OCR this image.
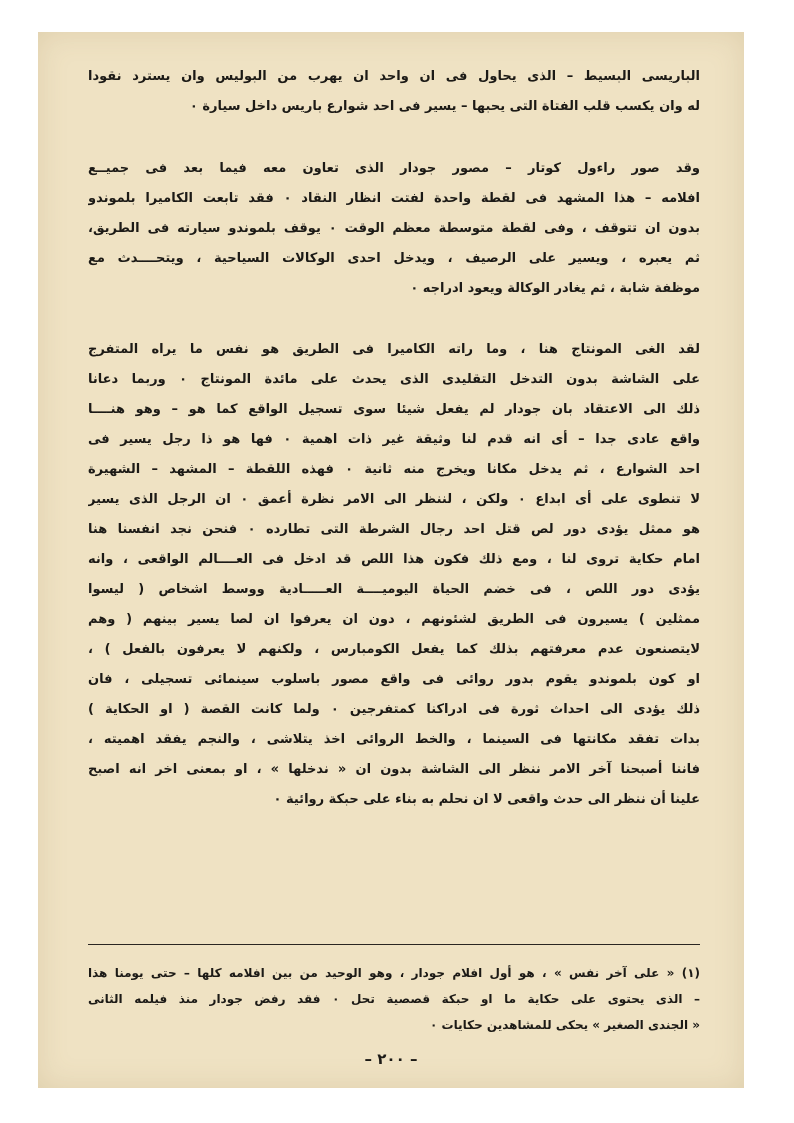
الباريسى البسيط – الذى يحاول فى ان واحد ان يهرب من البوليس وان يسترد نقودا
له وان يكسب قلب الفتاة التى يحبها – يسير فى احد شوارع باريس داخل سيارة ٠

وقد صور راءول كوتار – مصور جودار الذى تعاون معه فيما بعد فى جميــع
افلامه – هذا المشهد فى لقطة واحدة لفتت انظار النقاد ٠ فقد تابعت الكاميرا بلموندو
بدون ان تتوقف ، وفى لقطة متوسطة معظم الوقت ٠ يوقف بلموندو سيارته فى الطريق،
ثم يعبره ، ويسير على الرصيف ، ويدخل احدى الوكالات السياحية ، ويتحــــدث مع
موظفة شابة ، ثم يغادر الوكالة ويعود ادراجه ٠

لقد الغى المونتاج هنا ، وما راته الكاميرا فى الطريق هو نفس ما يراه المتفرج
على الشاشة بدون التدخل التقليدى الذى يحدث على مائدة المونتاج ٠ وربما دعانا
ذلك الى الاعتقاد بان جودار لم يفعل شيئا سوى تسجيل الواقع كما هو – وهو هنــــا
واقع عادى جدا – أى انه قدم لنا وثيقة غير ذات اهمية ٠ فها هو ذا رجل يسير فى
احد الشوارع ، ثم يدخل مكانا ويخرج منه ثانية ٠ فهذه اللقطة – المشهد – الشهيرة
لا تنطوى على أى ابداع ٠ ولكن ، لننظر الى الامر نظرة أعمق ٠ ان الرجل الذى يسير
هو ممثل يؤدى دور لص قتل احد رجال الشرطة التى تطارده ٠ فنحن نجد انفسنا هنا
امام حكاية تروى لنا ، ومع ذلك فكون هذا اللص قد ادخل فى العــــالم الواقعى ، وانه
يؤدى دور اللص ، فى خضم الحياة اليوميــــة العـــــادية ووسط اشخاص ( ليسوا
ممثلين ) يسيرون فى الطريق لشئونهم ، دون ان يعرفوا ان لصا يسير بينهم ( وهم
لايتصنعون عدم معرفتهم بذلك كما يفعل الكومبارس ، ولكنهم لا يعرفون بالفعل ) ،
او كون بلموندو يقوم بدور روائى فى واقع مصور باسلوب سينمائى تسجيلى ، فان
ذلك يؤدى الى احداث ثورة فى ادراكنا كمتفرجين ٠ ولما كانت القصة ( او الحكاية )
بدات تفقد مكانتها فى السينما ، والخط الروائى اخذ يتلاشى ، والنجم يفقد اهميته ،
فاننا أصبحنا آخر الامر ننظر الى الشاشة بدون ان « ندخلها » ، او بمعنى اخر انه اصبح
علينا أن ننظر الى حدث واقعى لا ان نحلم به بناء على حبكة روائية ٠

(١) « على آخر نفس » ، هو أول افلام جودار ، وهو الوحيد من بين افلامه كلها – حتى يومنا هذا
– الذى يحتوى على حكاية ما او حبكة قصصية تحل ٠ فقد رفض جودار منذ فيلمه الثانى
« الجندى الصغير » يحكى للمشاهدين حكايات ٠
– ٢٠٠ –
